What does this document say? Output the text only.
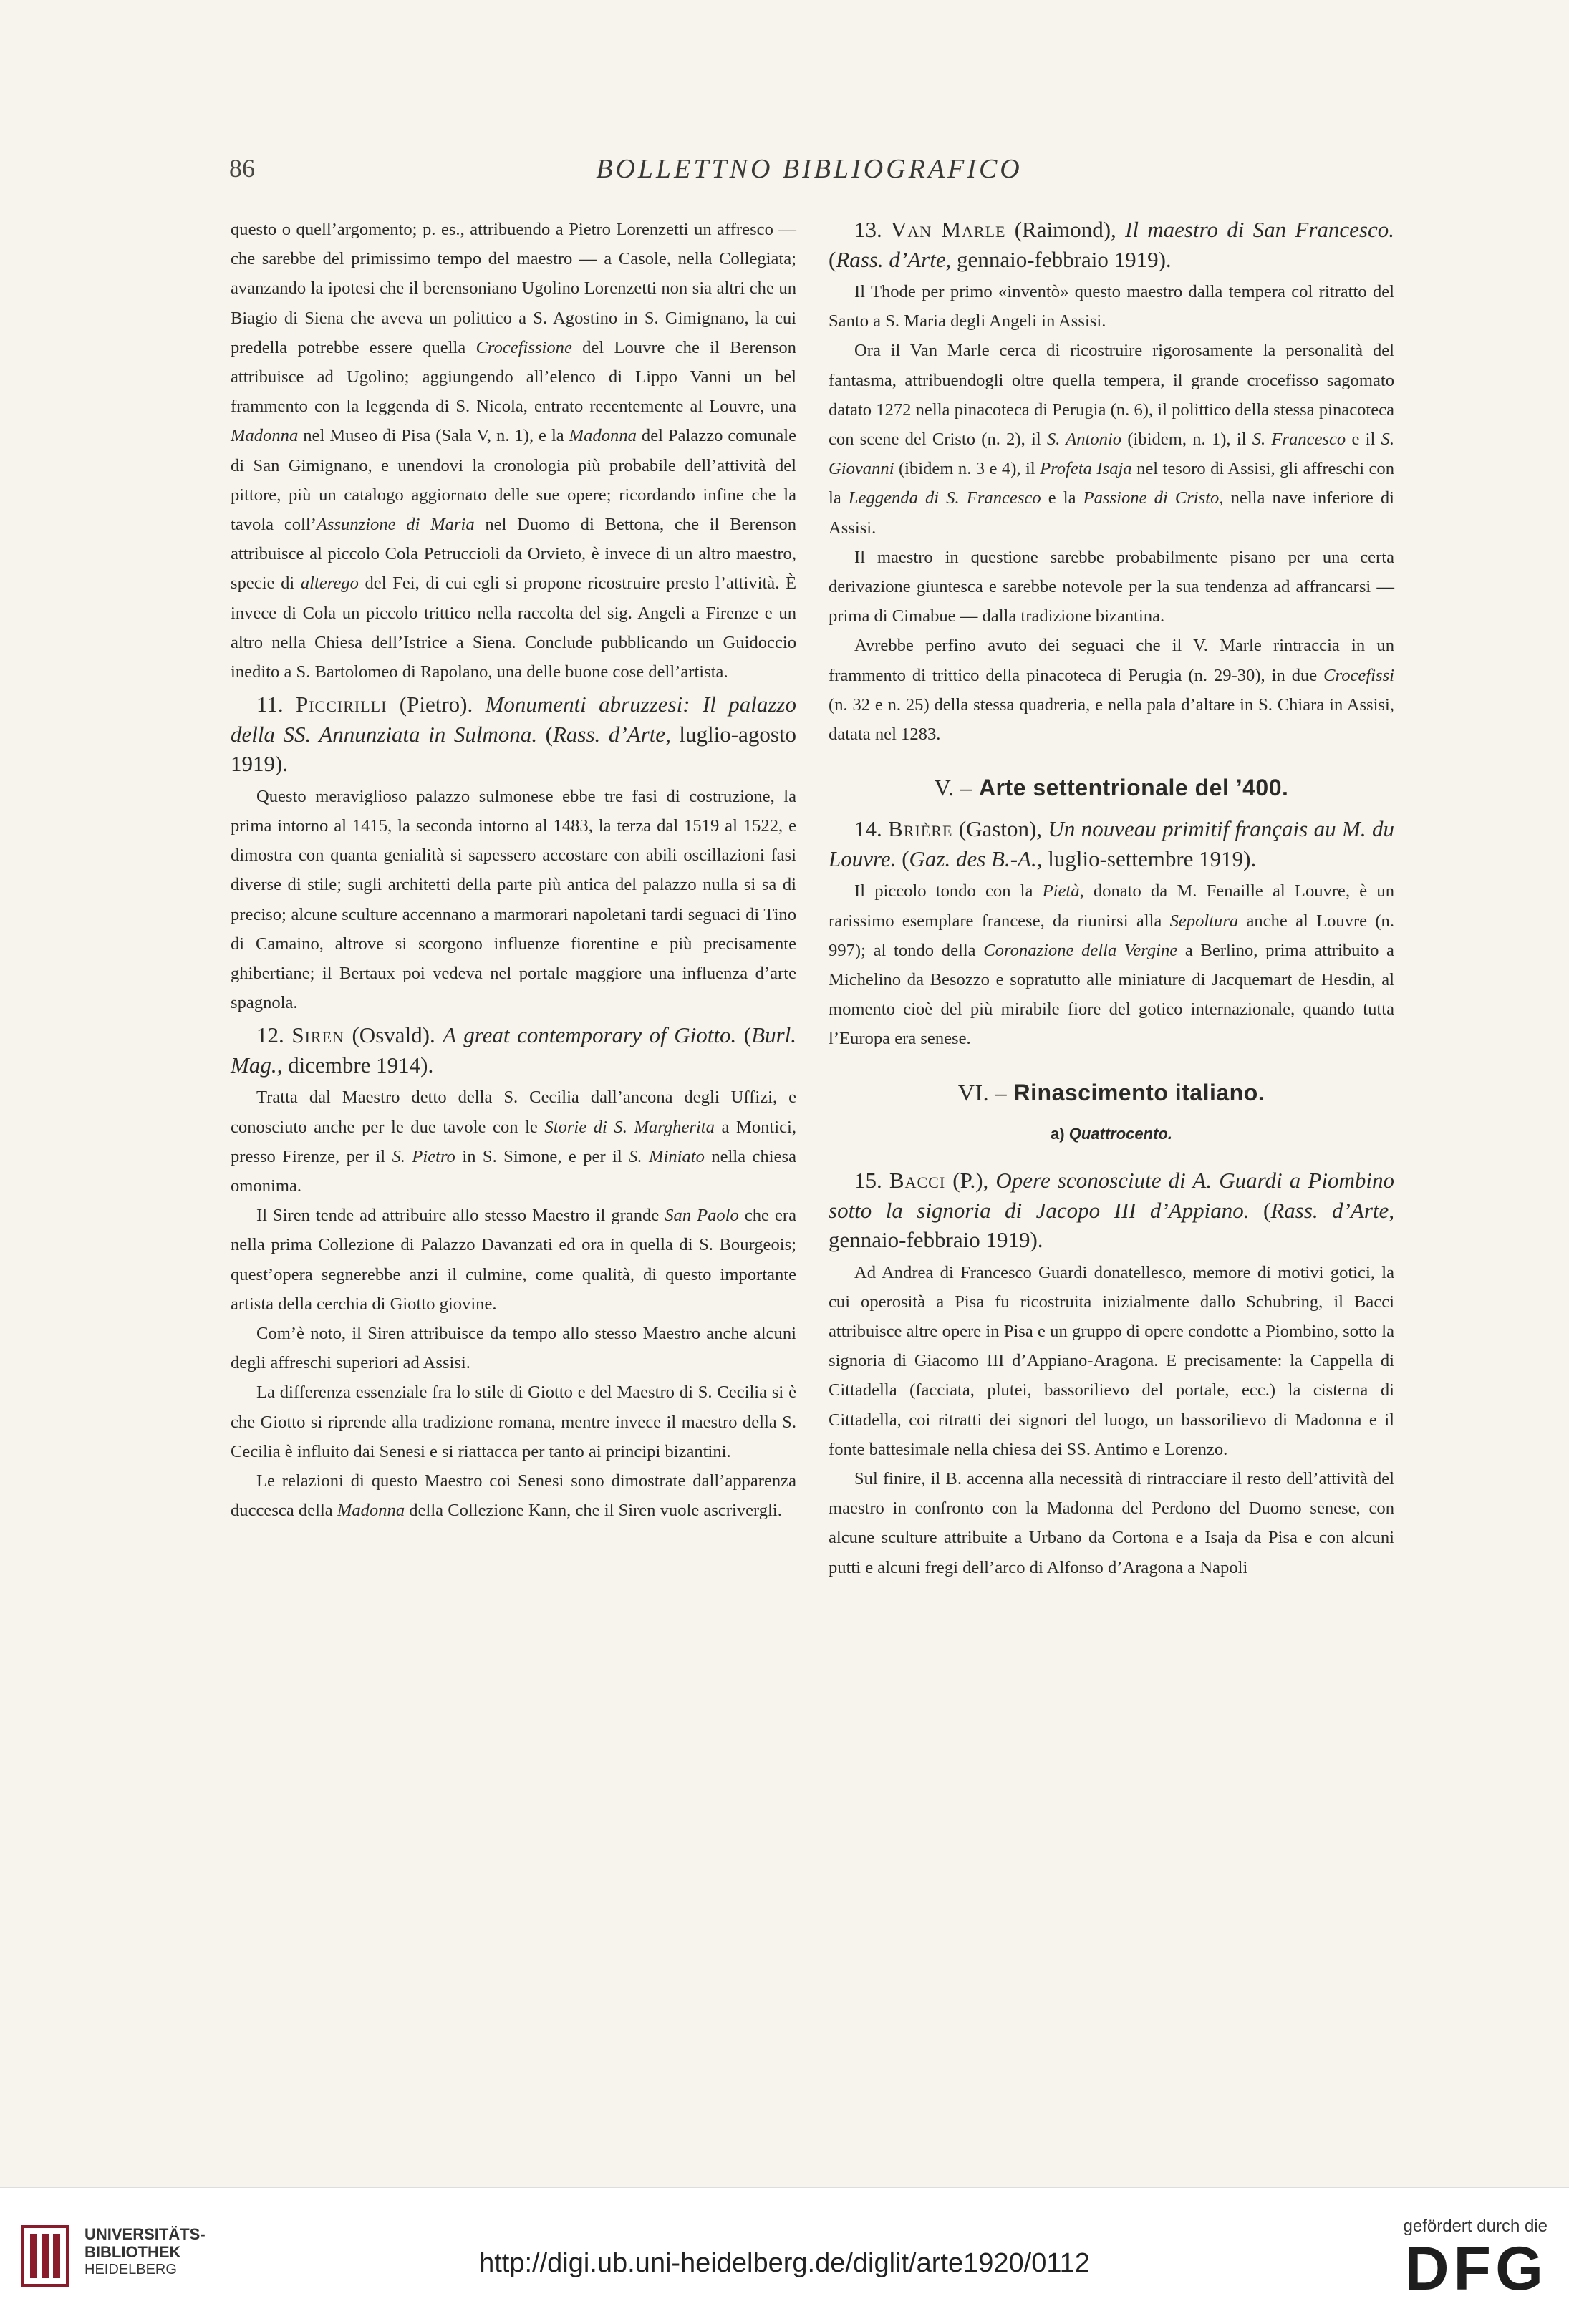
86	BOLLETTNO BIBLIOGRAFICO

questo o quell’argomento; p. es., attribuendo a Pietro Lorenzetti un affresco — che sarebbe del primissimo tempo del maestro — a Casole, nella Collegiata; avanzando la ipotesi che il berensoniano Ugolino Lorenzetti non sia altri che un Biagio di Siena che aveva un polittico a S. Agostino in S. Gimignano, la cui predella potrebbe essere quella Crocefissione del Louvre che il Berenson attribuisce ad Ugolino; aggiungendo all’elenco di Lippo Vanni un bel frammento con la leggenda di S. Nicola, entrato recentemente al Louvre, una Madonna nel Museo di Pisa (Sala V, n. 1), e la Madonna del Palazzo comunale di San Gimignano, e unendovi la cronologia più probabile dell’attività del pittore, più un catalogo aggiornato delle sue opere; ricordando infine che la tavola coll’Assunzione di Maria nel Duomo di Bettona, che il Berenson attribuisce al piccolo Cola Petruccioli da Orvieto, è invece di un altro maestro, specie di alterego del Fei, di cui egli si propone ricostruire presto l’attività. È invece di Cola un piccolo trittico nella raccolta del sig. Angeli a Firenze e un altro nella Chiesa dell’Istrice a Siena. Conclude pubblicando un Guidoccio inedito a S. Bartolomeo di Rapolano, una delle buone cose dell’artista.

11. Piccirilli (Pietro). Monumenti abruzzesi: Il palazzo della SS. Annunziata in Sulmona. (Rass. d’Arte, luglio-agosto 1919).

Questo meraviglioso palazzo sulmonese ebbe tre fasi di costruzione, la prima intorno al 1415, la seconda intorno al 1483, la terza dal 1519 al 1522, e dimostra con quanta genialità si sapessero accostare con abili oscillazioni fasi diverse di stile; sugli architetti della parte più antica del palazzo nulla si sa di preciso; alcune sculture accennano a marmorari napoletani tardi seguaci di Tino di Camaino, altrove si scorgono influenze fiorentine e più precisamente ghibertiane; il Bertaux poi vedeva nel portale maggiore una influenza d’arte spagnola.

12. Siren (Osvald). A great contemporary of Giotto. (Burl. Mag., dicembre 1914).

Tratta dal Maestro detto della S. Cecilia dall’ancona degli Uffizi, e conosciuto anche per le due tavole con le Storie di S. Margherita a Montici, presso Firenze, per il S. Pietro in S. Simone, e per il S. Miniato nella chiesa omonima.

Il Siren tende ad attribuire allo stesso Maestro il grande San Paolo che era nella prima Collezione di Palazzo Davanzati ed ora in quella di S. Bourgeois; quest’opera segnerebbe anzi il culmine, come qualità, di questo importante artista della cerchia di Giotto giovine.

Com’è noto, il Siren attribuisce da tempo allo stesso Maestro anche alcuni degli affreschi superiori ad Assisi.

La differenza essenziale fra lo stile di Giotto e del Maestro di S. Cecilia si è che Giotto si riprende alla tradizione romana, mentre invece il maestro della S. Cecilia è influito dai Senesi e si riattacca per tanto ai principi bizantini.

Le relazioni di questo Maestro coi Senesi sono dimostrate dall’apparenza duccesca della Madonna della Collezione Kann, che il Siren vuole ascrivergli.

13. Van Marle (Raimond), Il maestro di San Francesco. (Rass. d’Arte, gennaio-febbraio 1919).

Il Thode per primo «inventò» questo maestro dalla tempera col ritratto del Santo a S. Maria degli Angeli in Assisi.

Ora il Van Marle cerca di ricostruire rigorosamente la personalità del fantasma, attribuendogli oltre quella tempera, il grande crocefisso sagomato datato 1272 nella pinacoteca di Perugia (n. 6), il polittico della stessa pinacoteca con scene del Cristo (n. 2), il S. Antonio (ibidem, n. 1), il S. Francesco e il S. Giovanni (ibidem n. 3 e 4), il Profeta Isaja nel tesoro di Assisi, gli affreschi con la Leggenda di S. Francesco e la Passione di Cristo, nella nave inferiore di Assisi.

Il maestro in questione sarebbe probabilmente pisano per una certa derivazione giuntesca e sarebbe notevole per la sua tendenza ad affrancarsi — prima di Cimabue — dalla tradizione bizantina.

Avrebbe perfino avuto dei seguaci che il V. Marle rintraccia in un frammento di trittico della pinacoteca di Perugia (n. 29-30), in due Crocefissi (n. 32 e n. 25) della stessa quadreria, e nella pala d’altare in S. Chiara in Assisi, datata nel 1283.

V. – Arte settentrionale del ’400.

14. Brière (Gaston), Un nouveau primitif français au M. du Louvre. (Gaz. des B.-A., luglio-settembre 1919).

Il piccolo tondo con la Pietà, donato da M. Fenaille al Louvre, è un rarissimo esemplare francese, da riunirsi alla Sepoltura anche al Louvre (n. 997); al tondo della Coronazione della Vergine a Berlino, prima attribuito a Michelino da Besozzo e sopratutto alle miniature di Jacquemart de Hesdin, al momento cioè del più mirabile fiore del gotico internazionale, quando tutta l’Europa era senese.

VI. – Rinascimento italiano.
a) Quattrocento.

15. Bacci (P.), Opere sconosciute di A. Guardi a Piombino sotto la signoria di Jacopo III d’Appiano. (Rass. d’Arte, gennaio-febbraio 1919).

Ad Andrea di Francesco Guardi donatellesco, memore di motivi gotici, la cui operosità a Pisa fu ricostruita inizialmente dallo Schubring, il Bacci attribuisce altre opere in Pisa e un gruppo di opere condotte a Piombino, sotto la signoria di Giacomo III d’Appiano-Aragona. E precisamente: la Cappella di Cittadella (facciata, plutei, bassorilievo del portale, ecc.) la cisterna di Cittadella, coi ritratti dei signori del luogo, un bassorilievo di Madonna e il fonte battesimale nella chiesa dei SS. Antimo e Lorenzo.

Sul finire, il B. accenna alla necessità di rintracciare il resto dell’attività del maestro in confronto con la Madonna del Perdono del Duomo senese, con alcune sculture attribuite a Urbano da Cortona e a Isaja da Pisa e con alcuni putti e alcuni fregi dell’arco di Alfonso d’Aragona a Napoli

UNIVERSITÄTS-
BIBLIOTHEK
HEIDELBERG	http://digi.ub.uni-heidelberg.de/diglit/arte1920/0112
gefördert durch die
DFG
